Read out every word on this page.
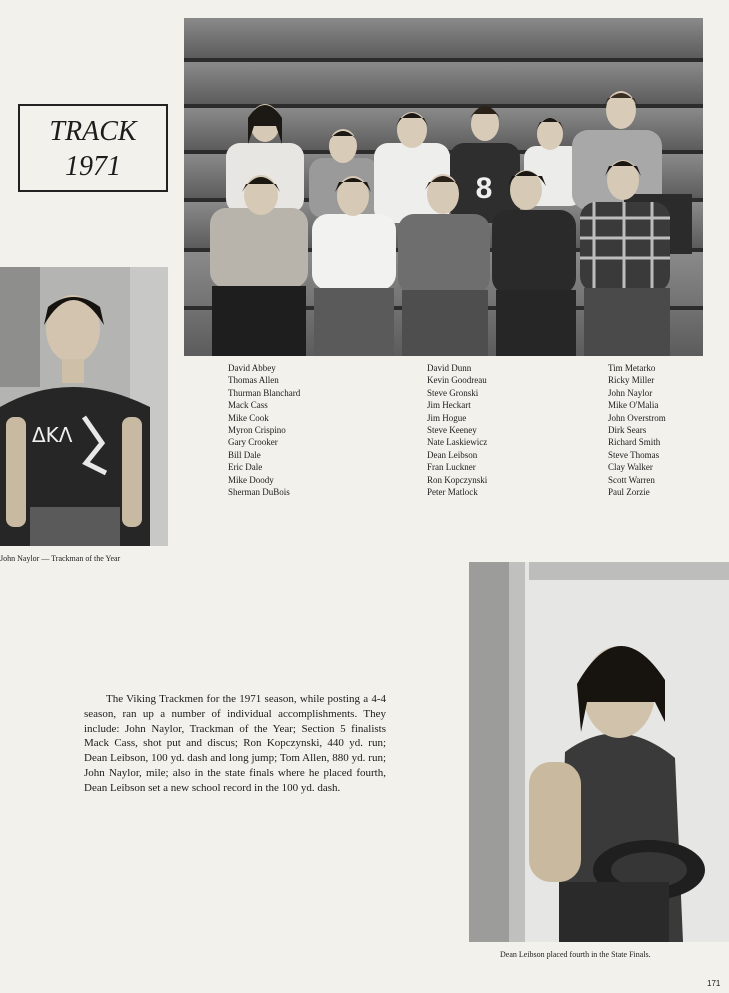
TRACK
1971
8
David Abbey
Thomas Allen
Thurman Blanchard
Mack Cass
Mike Cook
Myron Crispino
Gary Crooker
Bill Dale
Eric Dale
Mike Doody
Sherman DuBois
David Dunn
Kevin Goodreau
Steve Gronski
Jim Heckart
Jim Hogue
Steve Keeney
Nate Laskiewicz
Dean Leibson
Fran Luckner
Ron Kopczynski
Peter Matlock
Tim Metarko
Ricky Miller
John Naylor
Mike O'Malia
John Overstrom
Dirk Sears
Richard Smith
Steve Thomas
Clay Walker
Scott Warren
Paul Zorzie
ΔKΛ
John Naylor — Trackman of the Year

The Viking Trackmen for the 1971 season, while posting a 4-4 season, ran up a number of individual accomplishments. They include: John Naylor, Trackman of the Year; Section 5 finalists Mack Cass, shot put and discus; Ron Kopczynski, 440 yd. run; Dean Leibson, 100 yd. dash and long jump; Tom Allen, 880 yd. run; John Naylor, mile; also in the state finals where he placed fourth, Dean Leibson set a new school record in the 100 yd. dash.

Dean Leibson placed fourth in the State Finals.
171
